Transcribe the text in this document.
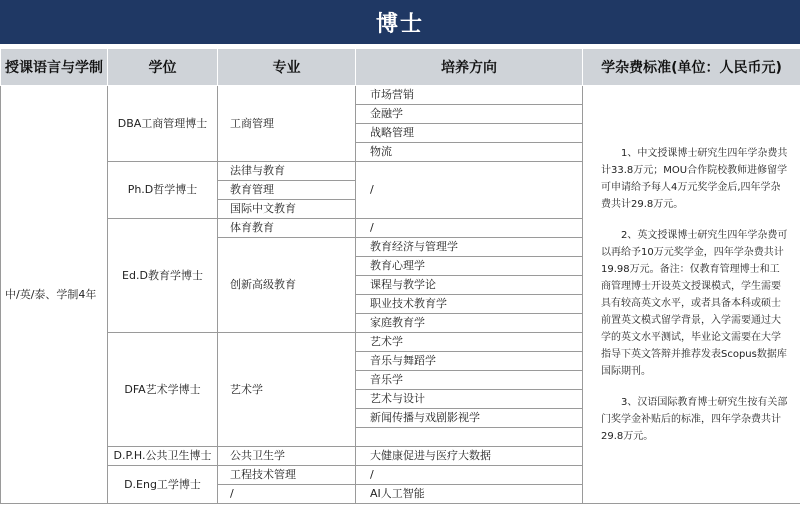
博士
授课语言与学制	学位	专业	培养方向	学杂费标准(单位：人民币元)
中/英/泰、学制4年	DBA工商管理博士	工商管理	市场营销	1、中文授课博士研究生四年学杂费共计33.8万元；MOU合作院校教师进修留学可申请给予每人4万元奖学金后,四年学杂费共计29.8万元。

2、英文授课博士研究生四年学杂费可以再给予10万元奖学金，四年学杂费共计19.98万元。备注：仅教育管理博士和工商管理博士开设英文授课模式，学生需要具有较高英文水平，或者具备本科或硕士前置英文模式留学背景，入学需要通过大学的英文水平测试，毕业论文需要在大学指导下英文答辩并推荐发表Scopus数据库国际期刊。

3、汉语国际教育博士研究生按有关部门奖学金补贴后的标准，四年学杂费共计29.8万元。

			金融学	
			战略管理	
			物流	
	Ph.D哲学博士	法律与教育	/	
		教育管理		
		国际中文教育		
	Ed.D教育学博士	体育教育	/	
		创新高级教育	教育经济与管理学	
			教育心理学	
			课程与教学论	
			职业技术教育学	
			家庭教育学	
	DFA艺术学博士	艺术学	艺术学	
			音乐与舞蹈学	
			音乐学	
			艺术与设计	
			新闻传播与戏剧影视学	

	D.P.H.公共卫生博士	公共卫生学	大健康促进与医疗大数据	
	D.Eng工学博士	工程技术管理	/	
		/	AI人工智能	
